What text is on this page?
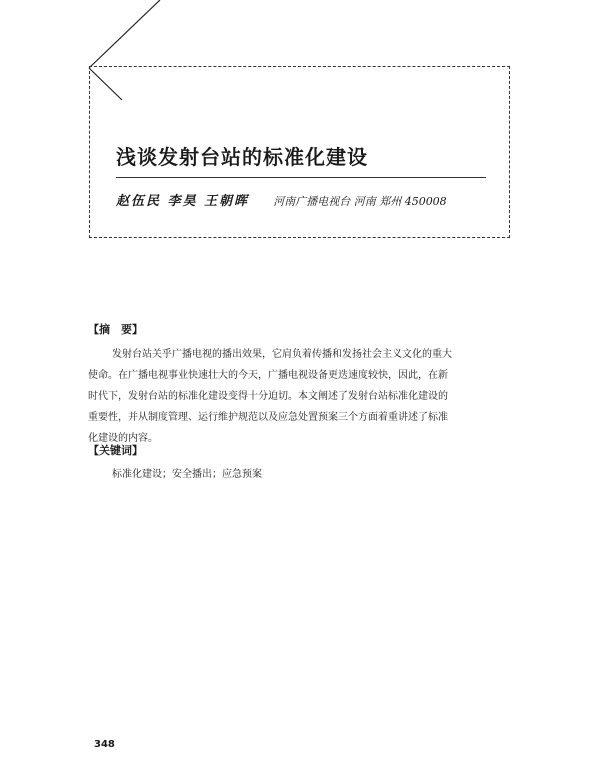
浅谈发射台站的标准化建设
赵伍民 李昊 王朝晖 河南广播电视台 河南 郑州 450008
【摘　要】
发射台站关乎广播电视的播出效果，它肩负着传播和发扬社会主义文化的重大
使命。在广播电视事业快速壮大的今天，广播电视设备更迭速度较快，因此，在新
时代下，发射台站的标准化建设变得十分迫切。本文阐述了发射台站标准化建设的
重要性，并从制度管理、运行维护规范以及应急处置预案三个方面着重讲述了标准
化建设的内容。
【关键词】
标准化建设；安全播出；应急预案
348
